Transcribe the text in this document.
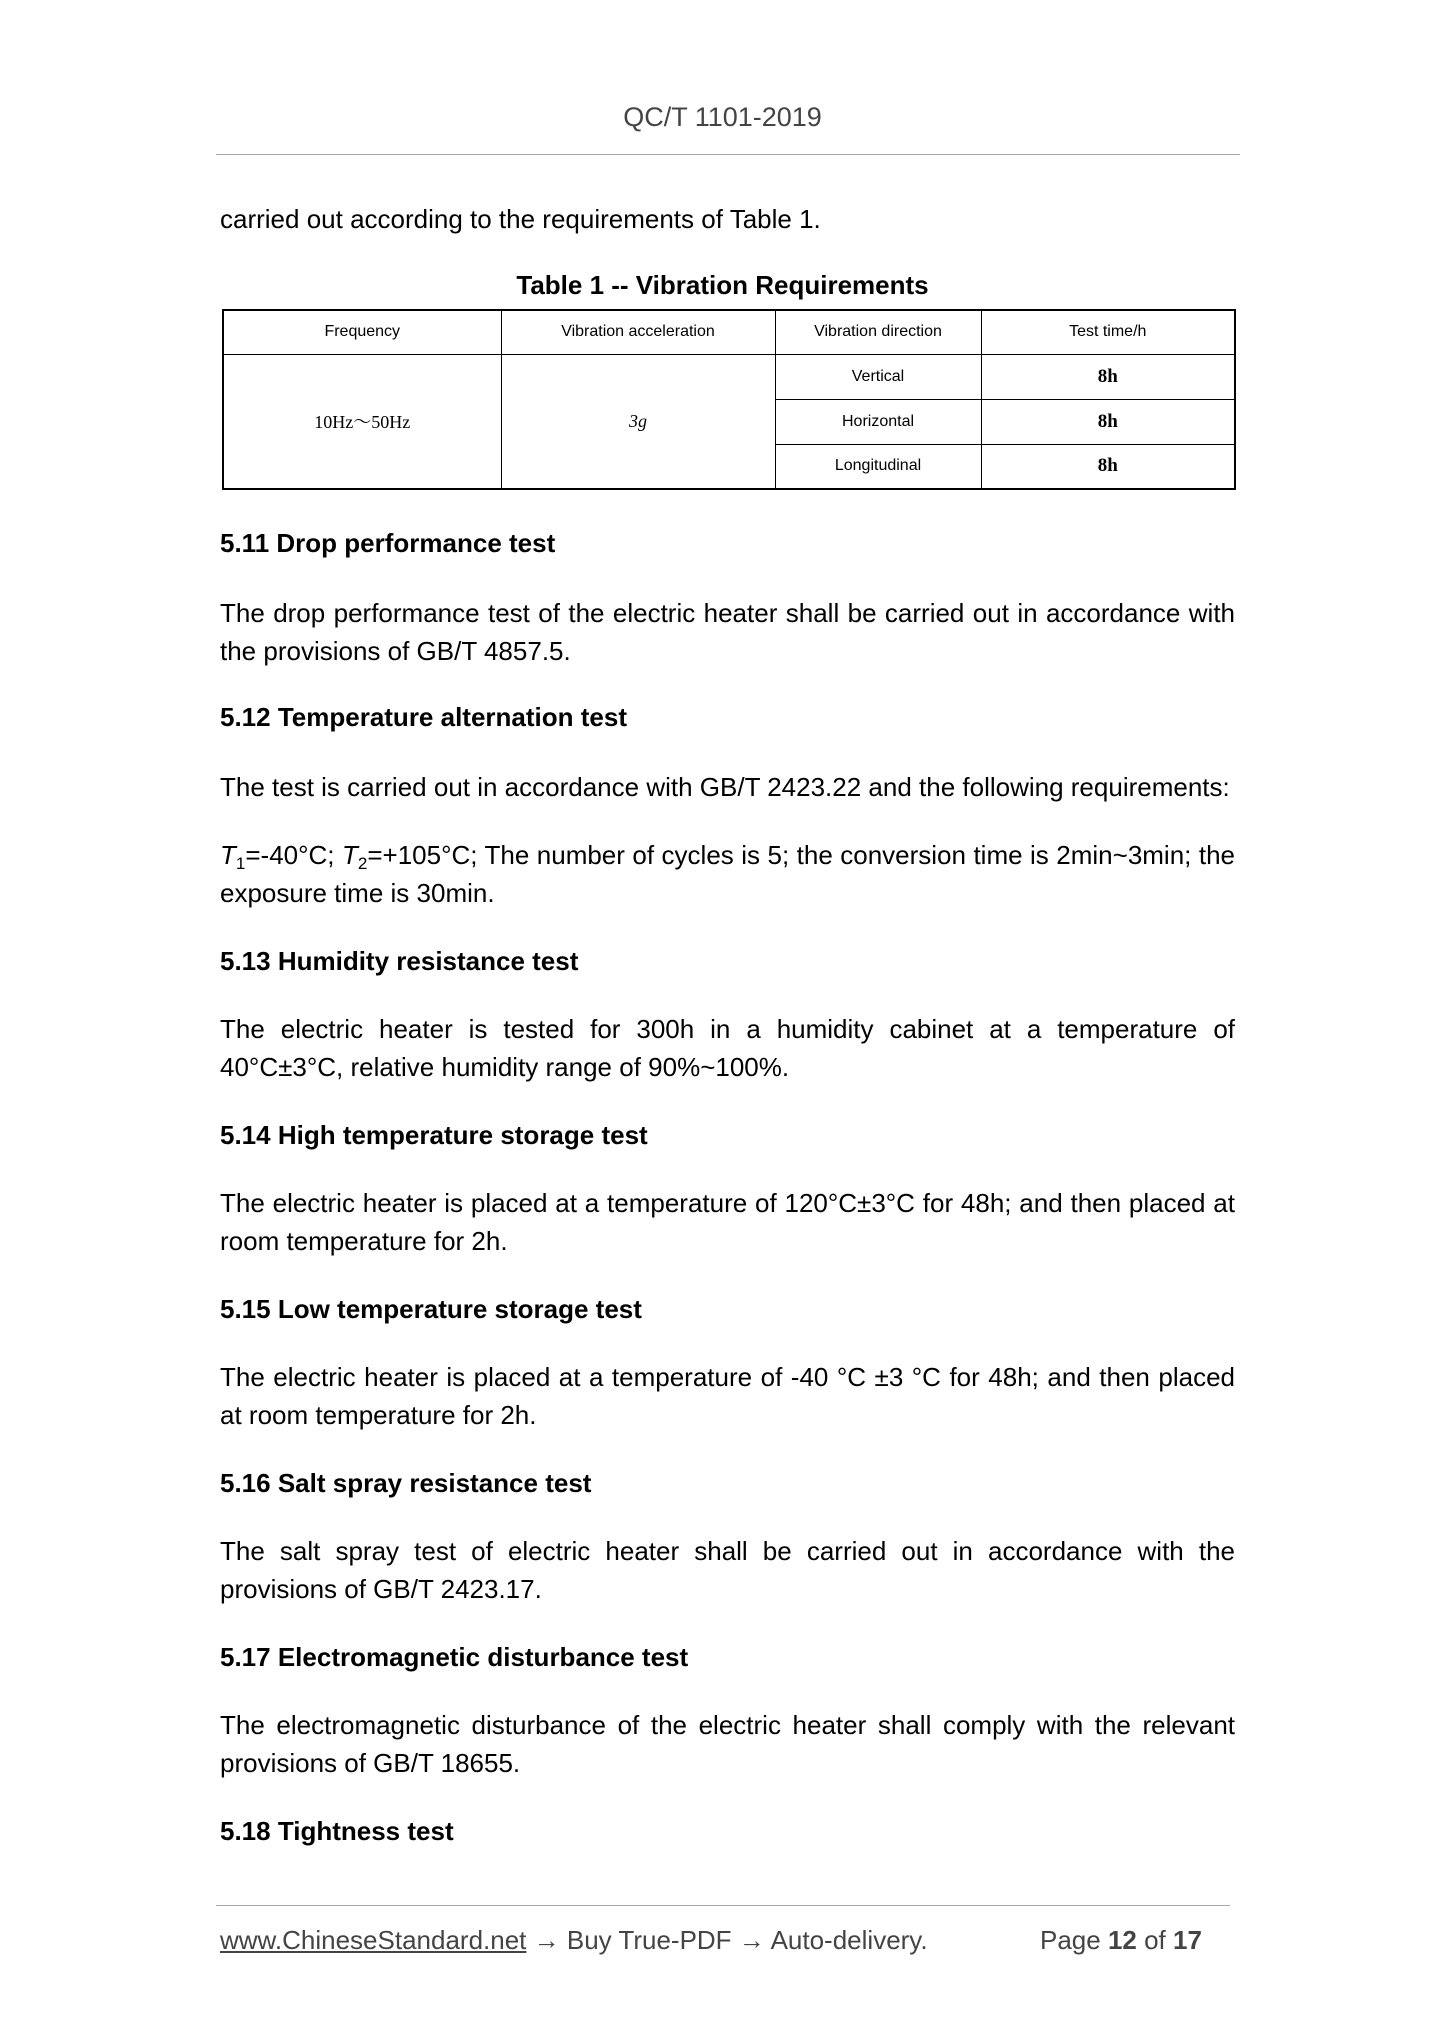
QC/T 1101-2019

carried out according to the requirements of Table 1.

Table 1 -- Vibration Requirements
Frequency	Vibration acceleration	Vibration direction	Test time/h
10Hz～50Hz	3g	Vertical	8h
		Horizontal	8h
		Longitudinal	8h
5.11 Drop performance test

The drop performance test of the electric heater shall be carried out in accordance with the provisions of GB/T 4857.5.

5.12 Temperature alternation test

The test is carried out in accordance with GB/T 2423.22 and the following requirements:

$T_1=-40^\circ C$; $T_2=+105^\circ C$; The number of cycles is 5; the conversion time is 2min~3min; the exposure time is 30min.

5.13 Humidity resistance test

The electric heater is tested for 300h in a humidity cabinet at a temperature of 40°C±3°C, relative humidity range of 90%~100%.

5.14 High temperature storage test

The electric heater is placed at a temperature of 120°C±3°C for 48h; and then placed at room temperature for 2h.

5.15 Low temperature storage test

The electric heater is placed at a temperature of -40 °C ±3 °C for 48h; and then placed at room temperature for 2h.

5.16 Salt spray resistance test

The salt spray test of electric heater shall be carried out in accordance with the provisions of GB/T 2423.17.

5.17 Electromagnetic disturbance test

The electromagnetic disturbance of the electric heater shall comply with the relevant provisions of GB/T 18655.

5.18 Tightness test
www.ChineseStandard.net → Buy True-PDF → Auto-delivery.	Page 12 of 17
